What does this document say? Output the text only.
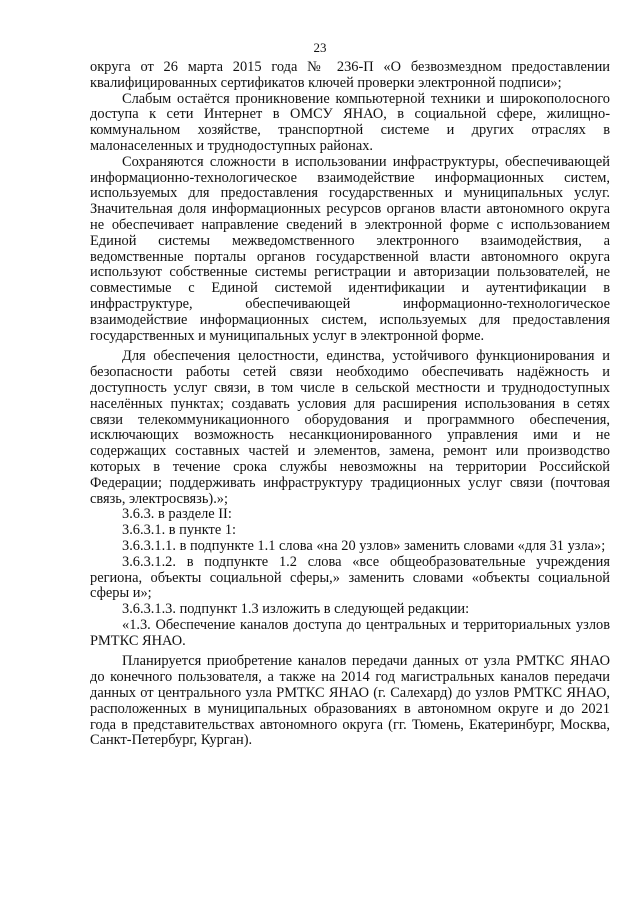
23

округа от 26 марта 2015 года № 236-П «О безвозмездном предоставлении квалифицированных сертификатов ключей проверки электронной подписи»;

Слабым остаётся проникновение компьютерной техники и широкополосного доступа к сети Интернет в ОМСУ ЯНАО, в социальной сфере, жилищно-коммунальном хозяйстве, транспортной системе и других отраслях в малонаселенных и труднодоступных районах.

Сохраняются сложности в использовании инфраструктуры, обеспечивающей информационно-технологическое взаимодействие информационных систем, используемых для предоставления государственных и муниципальных услуг. Значительная доля информационных ресурсов органов власти автономного округа не обеспечивает направление сведений в электронной форме с использованием Единой системы межведомственного электронного взаимодействия, а ведомственные порталы органов государственной власти автономного округа используют собственные системы регистрации и авторизации пользователей, не совместимые с Единой системой идентификации и аутентификации в инфраструктуре, обеспечивающей информационно-технологическое взаимодействие информационных систем, используемых для предоставления государственных и муниципальных услуг в электронной форме.

Для обеспечения целостности, единства, устойчивого функционирования и безопасности работы сетей связи необходимо обеспечивать надёжность и доступность услуг связи, в том числе в сельской местности и труднодоступных населённых пунктах; создавать условия для расширения использования в сетях связи телекоммуникационного оборудования и программного обеспечения, исключающих возможность несанкционированного управления ими и не содержащих составных частей и элементов, замена, ремонт или производство которых в течение срока службы невозможны на территории Российской Федерации; поддерживать инфраструктуру традиционных услуг связи (почтовая связь, электросвязь).»;

3.6.3. в разделе II:

3.6.3.1. в пункте 1:

3.6.3.1.1. в подпункте 1.1 слова «на 20 узлов» заменить словами «для 31 узла»;

3.6.3.1.2. в подпункте 1.2 слова «все общеобразовательные учреждения региона, объекты социальной сферы,» заменить словами «объекты социальной сферы и»;

3.6.3.1.3. подпункт 1.3 изложить в следующей редакции:

«1.3. Обеспечение каналов доступа до центральных и территориальных узлов РМТКС ЯНАО.

Планируется приобретение каналов передачи данных от узла РМТКС ЯНАО до конечного пользователя, а также на 2014 год магистральных каналов передачи данных от центрального узла РМТКС ЯНАО (г. Салехард) до узлов РМТКС ЯНАО, расположенных в муниципальных образованиях в автономном округе и до 2021 года в представительствах автономного округа (гг. Тюмень, Екатеринбург, Москва, Санкт-Петербург, Курган).
